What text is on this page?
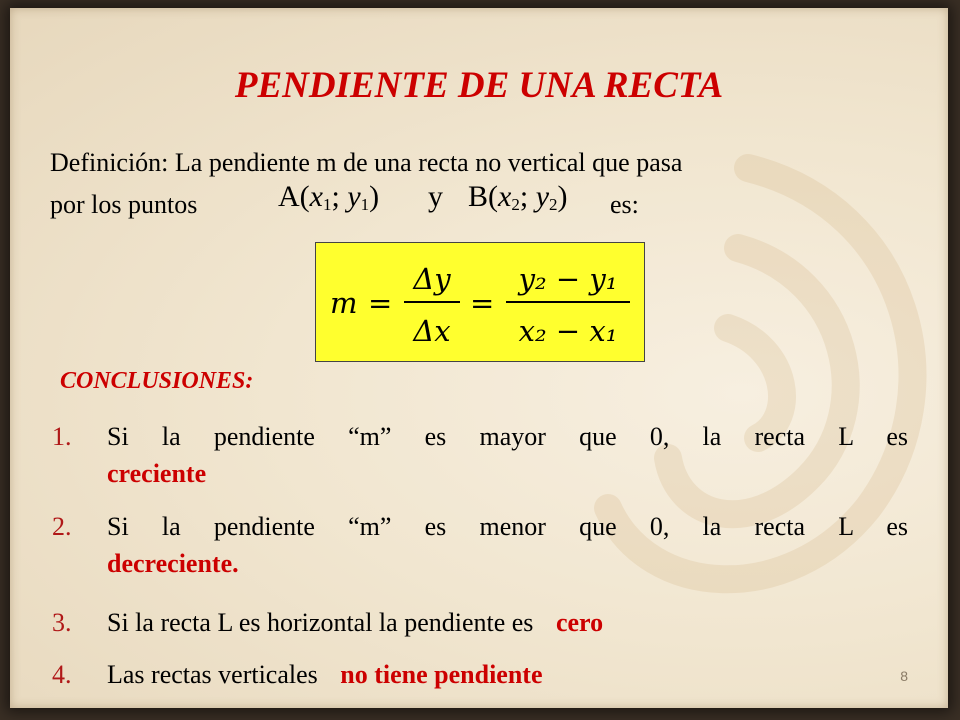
PENDIENTE DE UNA RECTA
Definición: La pendiente m de una recta no vertical que pasa
por los puntos	es:
$A(x_1$; $y_1$) y $B(x_2$; $y_2$)
m =
Δy
Δx
=
y₂ − y₁
x₂ − x₁
CONCLUSIONES:
1. Si la pendiente “m” es mayor que 0, la recta L es
creciente
2. Si la pendiente “m” es menor que 0, la recta L es
decreciente.
3. Si la recta L es horizontal la pendiente es cero
4. Las rectas verticales no tiene pendiente	8
